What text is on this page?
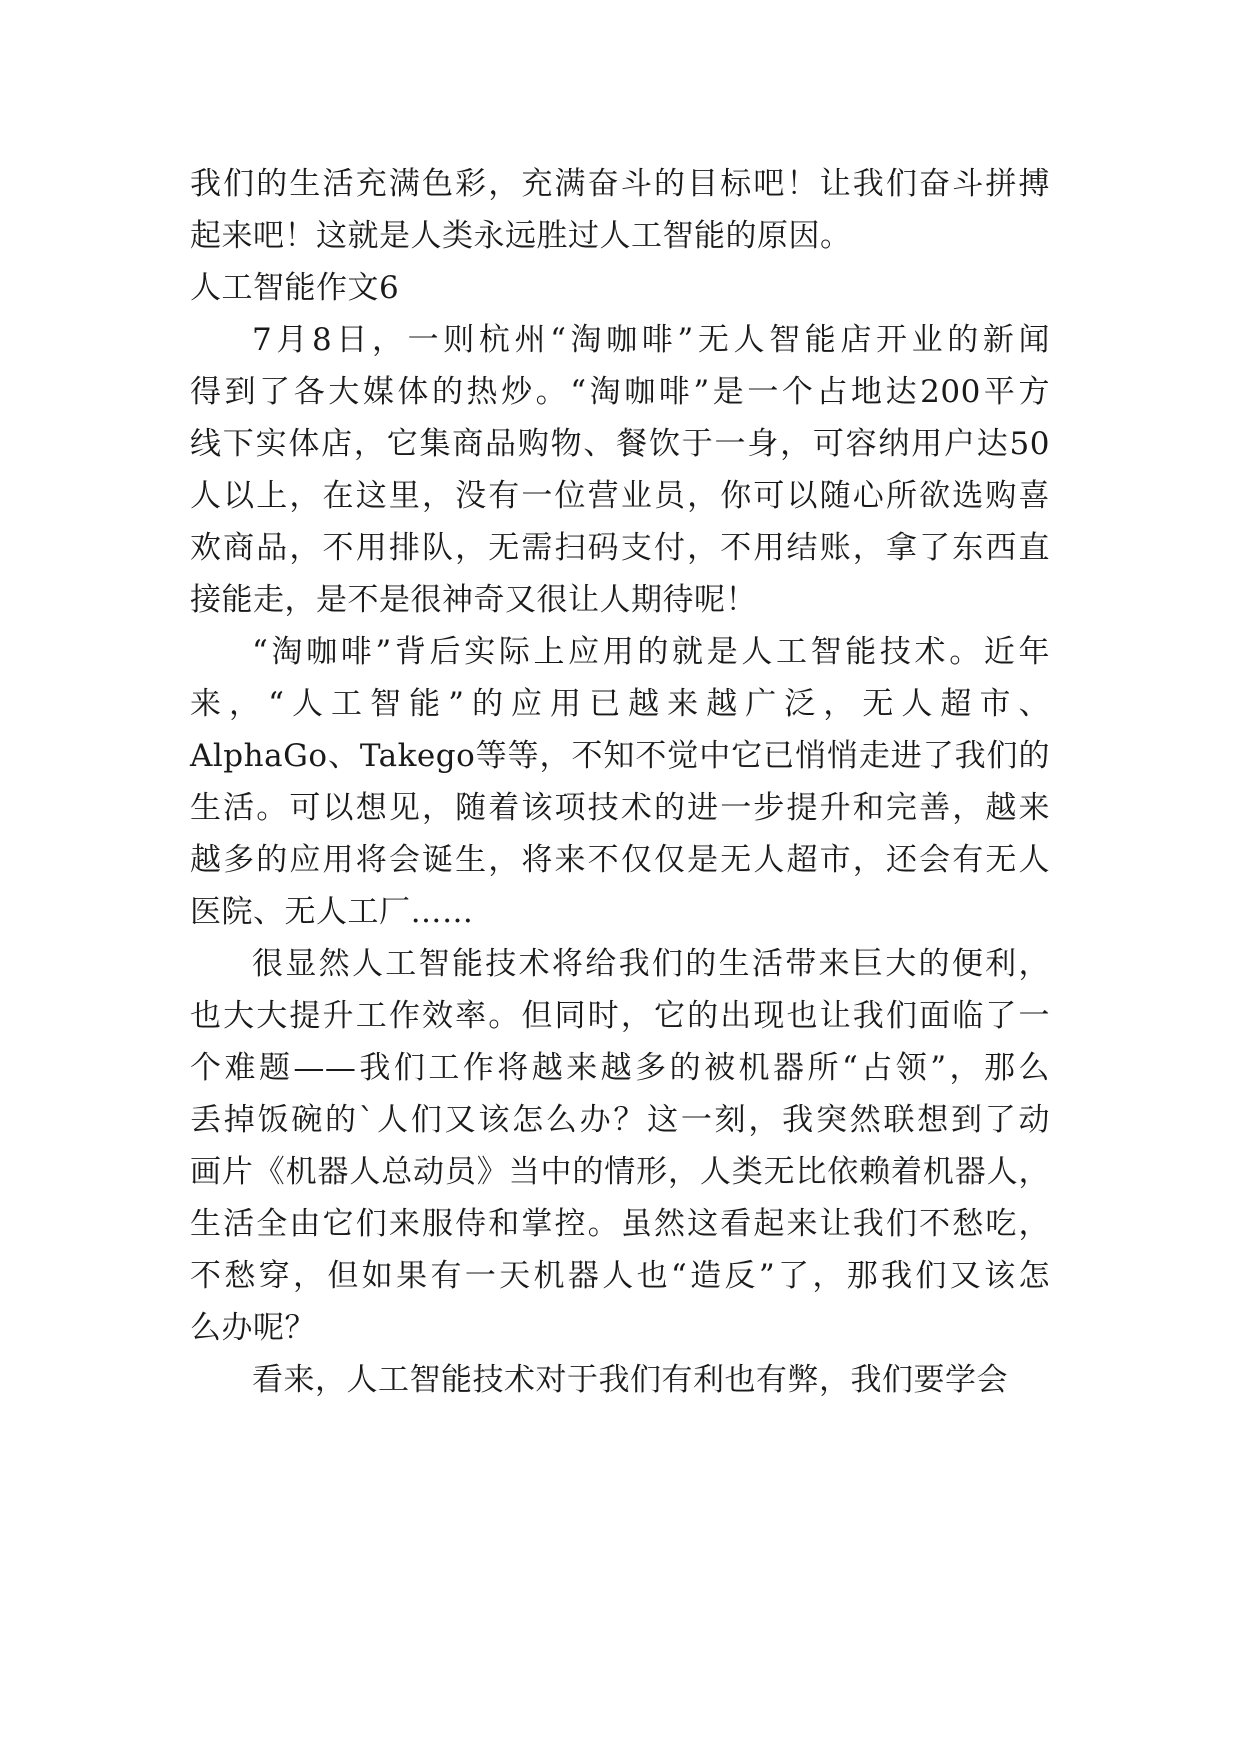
我们的生活充满色彩，充满奋斗的目标吧！让我们奋斗拼搏
起来吧！这就是人类永远胜过人工智能的原因。
人工智能作文6
7月8日，一则杭州“淘咖啡”无人智能店开业的新闻
得到了各大媒体的热炒。“淘咖啡”是一个占地达200平方
线下实体店，它集商品购物、餐饮于一身，可容纳用户达50
人以上，在这里，没有一位营业员，你可以随心所欲选购喜
欢商品，不用排队，无需扫码支付，不用结账，拿了东西直
接能走，是不是很神奇又很让人期待呢！
“淘咖啡”背后实际上应用的就是人工智能技术。近年
来，“人工智能”的应用已越来越广泛，无人超市、
AlphaGo、Takego等等，不知不觉中它已悄悄走进了我们的
生活。可以想见，随着该项技术的进一步提升和完善，越来
越多的应用将会诞生，将来不仅仅是无人超市，还会有无人
医院、无人工厂……
很显然人工智能技术将给我们的生活带来巨大的便利，
也大大提升工作效率。但同时，它的出现也让我们面临了一
个难题——我们工作将越来越多的被机器所“占领”，那么
丢掉饭碗的`人们又该怎么办？这一刻，我突然联想到了动
画片《机器人总动员》当中的情形，人类无比依赖着机器人，
生活全由它们来服侍和掌控。虽然这看起来让我们不愁吃，
不愁穿，但如果有一天机器人也“造反”了，那我们又该怎
么办呢？
看来，人工智能技术对于我们有利也有弊，我们要学会
